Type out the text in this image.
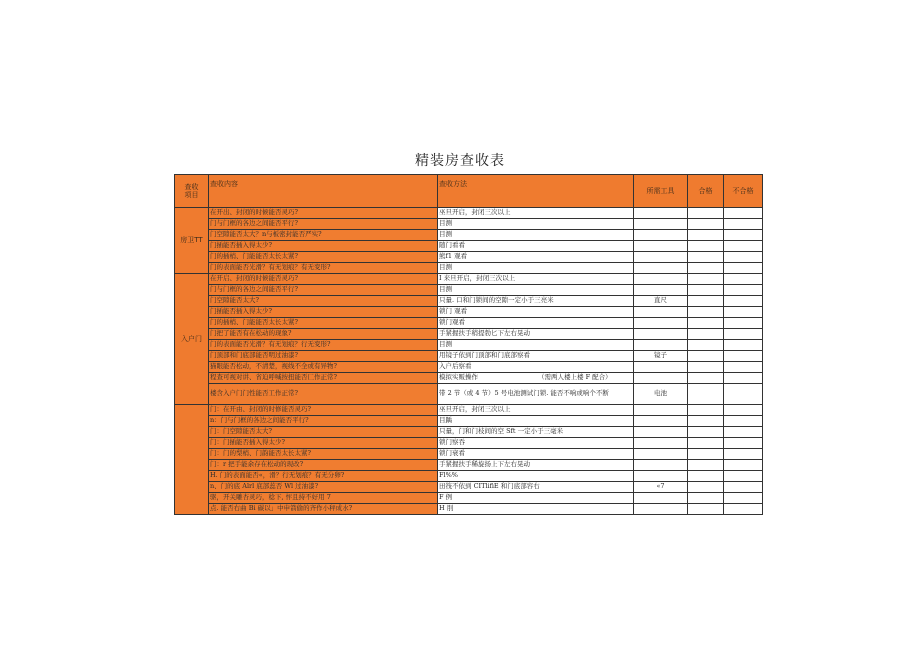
精装房查收表
查收
项目	查收内容	查收方法	所需工具	合格	不合格
房卫TT	在开出、封闭的时候能否灵巧?	巫旦开启，封闭三次以上			
	门与门框的各边之间能否平行?	目测			
	门空隙能否太大？n与板密封能否严实?	目测			
	门插能否插入得太少?	随门看看			
	门的插梢、门能能否太长太紧?	熊f1 观看			
	门的表面能否光滑？有无划痕？有无变形?	目测			
入户门	在开启、封闭的时候能否灵巧?	I 来旦开启，封闭三次以上			
	门与门框的各边之间能否平行?	目测			
	门空隙能否太大?	只量. 口和门锁间的空隙一定小于三亮米	直尺		
	门插能否插入得太少?	锁门 观看			
	门的插梢、门能能否太长太紧?	锁门观看			
	门把了能否有在松动的现象?	手紧握扶手稍提勃匕下左右晃动			
	门的表面能否光滑？有无划痕？行无变形?	目测			
	门顶部和门底部能否明过油漆?	用镜子依到门顶部和门底部察看	镜子		
	猫眼能否松动，不清楚，视线不全或有异物?	入户后察看			
	程查可视对讲、省迫呼喊按扭能否匚作正常?	模拟实贩操作 （需两人楼上楼 F 配合）			
	楼含入户门门性能否工作正常?	带 2 节（或 4 节）5 号电池测试门锁. 能否不响或响个不断	电池		
	门：在开由、封闭的时修能否灵巧?	巫旦开启，封闭三次以上			
	n：门与门框的各边之间能否平行?	目踽			
	门：门空隙能否太大?	只量，门和门枝间的空 Sft 一定小于三毫米			
	门：门插能否插入得太少?	锁门察吞			
	门：门的梨梢、门韵能否太长太紧?	锁门衰看			
	门：r 把手能余存在松动的现改?	手紧握扶手稀旋扬上下左右晃动			
	H. 门的表面能否«，滑？行无划痕？有无分卵?	Fl%%			
	n、门的底 Alrl 底部蕊否 Wl 过油漆?	田筏不依到 CITlifiE 和门底部容右	«7		
	驱，开关雕杏灵巧，稔下, 怦且持不好用 7	F 例			
	点. 能否右曲 Bi 碳以」中申箭偷的齐作小秤成水?	H 刖			
